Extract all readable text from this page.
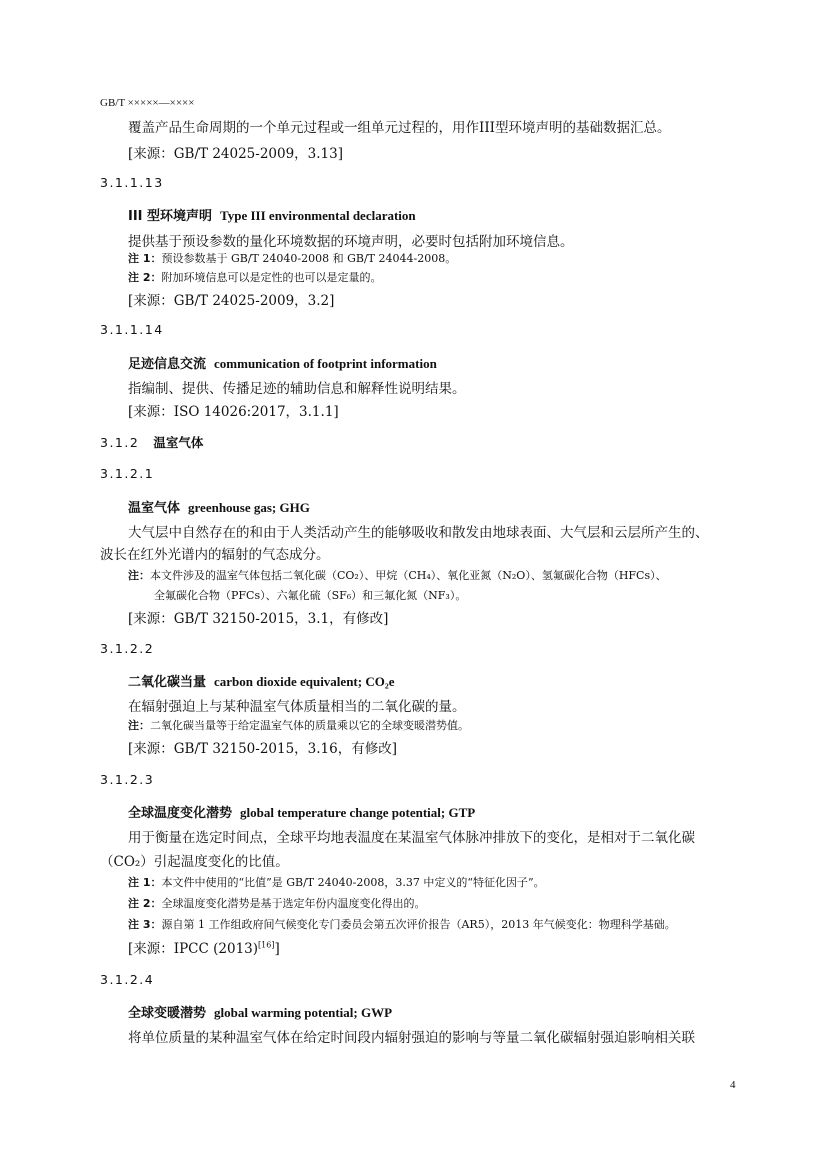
GB/T ×××××—××××
覆盖产品生命周期的一个单元过程或一组单元过程的，用作III型环境声明的基础数据汇总。
[来源：GB/T 24025-2009，3.13]
3.1.1.13
III 型环境声明 Type III environmental declaration
提供基于预设参数的量化环境数据的环境声明，必要时包括附加环境信息。
注 1：预设参数基于 GB/T 24040-2008 和 GB/T 24044-2008。
注 2：附加环境信息可以是定性的也可以是定量的。
[来源：GB/T 24025-2009，3.2]
3.1.1.14
足迹信息交流 communication of footprint information
指编制、提供、传播足迹的辅助信息和解释性说明结果。
[来源：ISO 14026:2017，3.1.1]
3.1.2 温室气体
3.1.2.1
温室气体 greenhouse gas; GHG
大气层中自然存在的和由于人类活动产生的能够吸收和散发由地球表面、大气层和云层所产生的、
波长在红外光谱内的辐射的气态成分。
注：本文件涉及的温室气体包括二氧化碳（CO₂）、甲烷（CH₄）、氧化亚氮（N₂O）、氢氟碳化合物（HFCs）、
全氟碳化合物（PFCs）、六氟化硫（SF₆）和三氟化氮（NF₃）。
[来源：GB/T 32150-2015，3.1，有修改]
3.1.2.2
二氧化碳当量 carbon dioxide equivalent; CO₂e
在辐射强迫上与某种温室气体质量相当的二氧化碳的量。
注：二氧化碳当量等于给定温室气体的质量乘以它的全球变暖潜势值。
[来源：GB/T 32150-2015，3.16，有修改]
3.1.2.3
全球温度变化潜势 global temperature change potential; GTP
用于衡量在选定时间点，全球平均地表温度在某温室气体脉冲排放下的变化，是相对于二氧化碳
（CO₂）引起温度变化的比值。
注 1：本文件中使用的“比值”是 GB/T 24040-2008，3.37 中定义的“特征化因子”。
注 2：全球温度变化潜势是基于选定年份内温度变化得出的。
注 3：源自第 1 工作组政府间气候变化专门委员会第五次评价报告（AR5），2013 年气候变化：物理科学基础。
[来源：IPCC (2013)[16]]
3.1.2.4
全球变暖潜势 global warming potential; GWP
将单位质量的某种温室气体在给定时间段内辐射强迫的影响与等量二氧化碳辐射强迫影响相关联
4
